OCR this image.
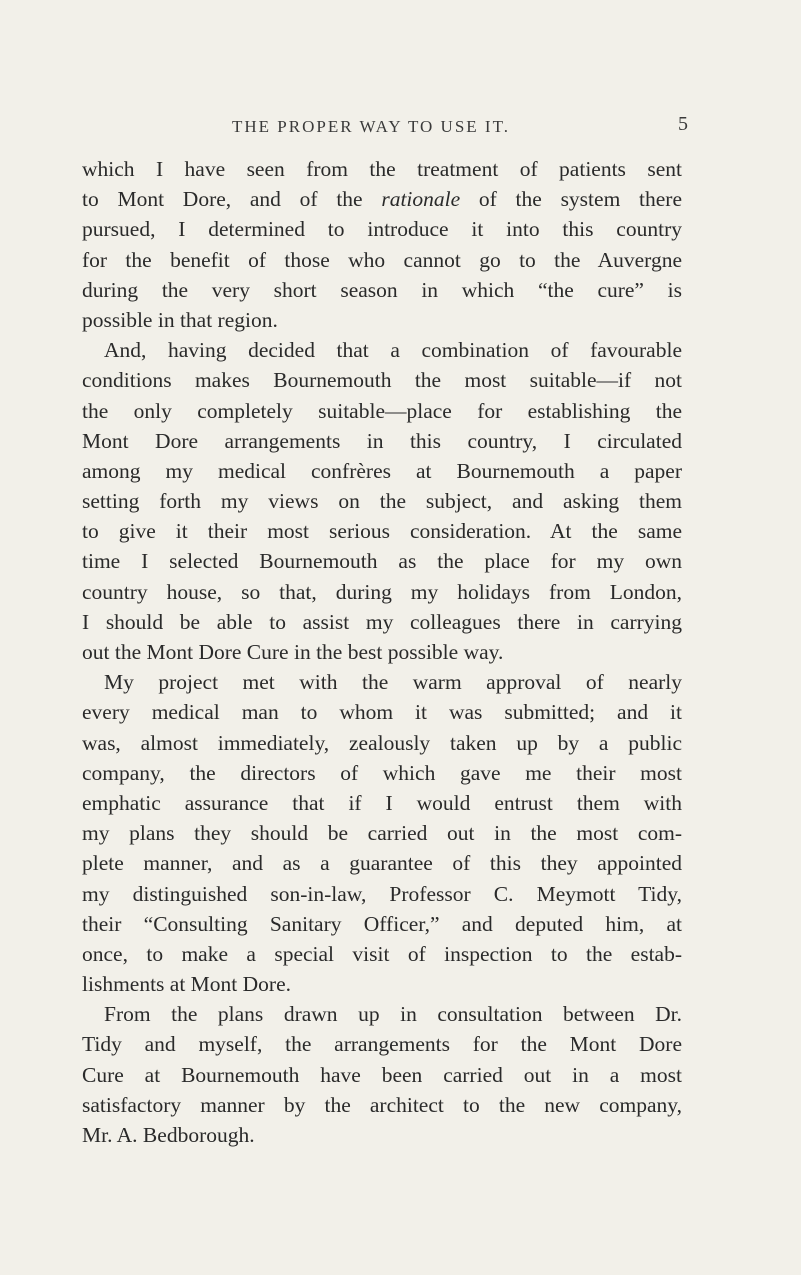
THE PROPER WAY TO USE IT.	5
which I have seen from the treatment of patients sent
to Mont Dore, and of the rationale of the system there
pursued, I determined to introduce it into this country
for the benefit of those who cannot go to the Auvergne
during the very short season in which “the cure” is
possible in that region.
And, having decided that a combination of favourable
conditions makes Bournemouth the most suitable—if not
the only completely suitable—place for establishing the
Mont Dore arrangements in this country, I circulated
among my medical confrères at Bournemouth a paper
setting forth my views on the subject, and asking them
to give it their most serious consideration. At the same
time I selected Bournemouth as the place for my own
country house, so that, during my holidays from London,
I should be able to assist my colleagues there in carrying
out the Mont Dore Cure in the best possible way.
My project met with the warm approval of nearly
every medical man to whom it was submitted; and it
was, almost immediately, zealously taken up by a public
company, the directors of which gave me their most
emphatic assurance that if I would entrust them with
my plans they should be carried out in the most com-
plete manner, and as a guarantee of this they appointed
my distinguished son-in-law, Professor C. Meymott Tidy,
their “Consulting Sanitary Officer,” and deputed him, at
once, to make a special visit of inspection to the estab-
lishments at Mont Dore.
From the plans drawn up in consultation between Dr.
Tidy and myself, the arrangements for the Mont Dore
Cure at Bournemouth have been carried out in a most
satisfactory manner by the architect to the new company,
Mr. A. Bedborough.
